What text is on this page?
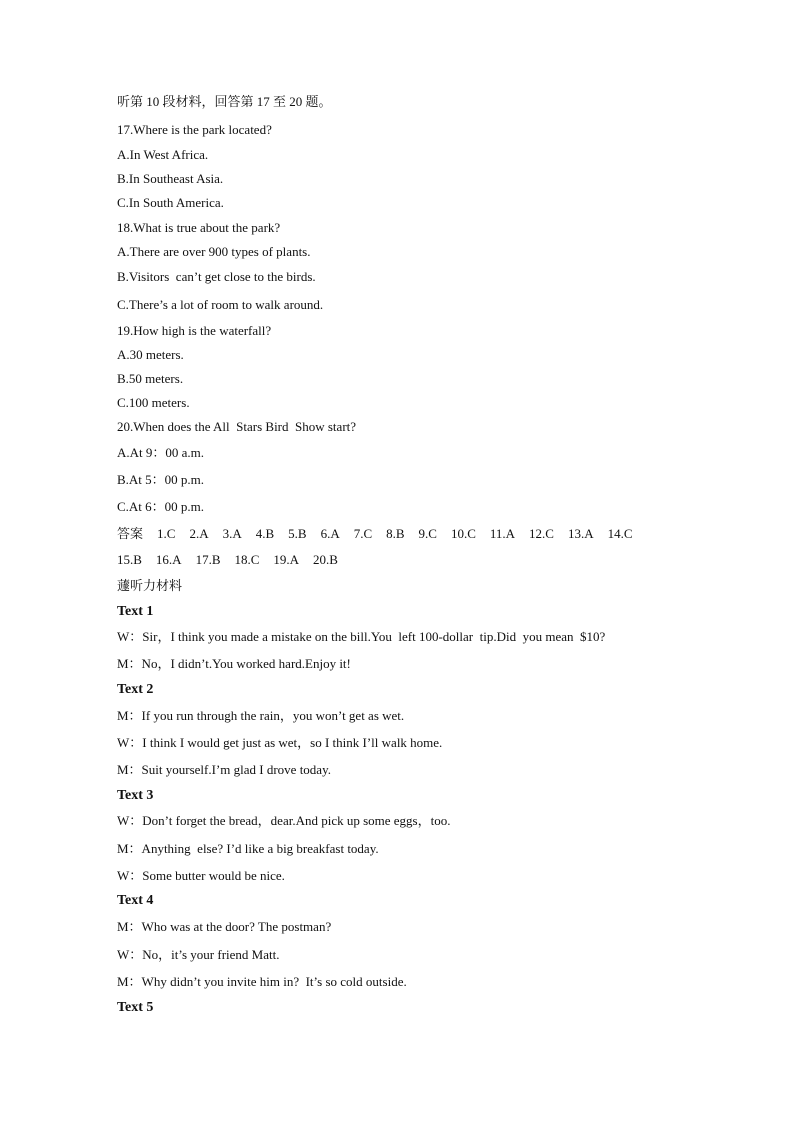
听第 10 段材料，回答第 17 至 20 题。
17.Where is the park located?
A.In West Africa.
B.In Southeast Asia.
C.In South America.
18.What is true about the park?
A.There are over 900 types of plants.
B.Visitors  can’t get close to the birds.
C.There’s a lot of room to walk around.
19.How high is the waterfall?
A.30 meters.
B.50 meters.
C.100 meters.
20.When does the All  Stars Bird  Show start?
A.At 9：00 a.m.
B.At 5：00 p.m.
C.At 6：00 p.m.
答案 1.C 2.A 3.A 4.B 5.B 6.A 7.C 8.B 9.C 10.C 11.A 12.C 13.A 14.C
15.B 16.A 17.B 18.C 19.A 20.B
蘧听力材料
Text 1
W：Sir，I think you made a mistake on the bill.You  left 100-dollar  tip.Did  you mean  $10?
M：No，I didn’t.You worked hard.Enjoy it!
Text 2
M：If you run through the rain，you won’t get as wet.
W：I think I would get just as wet，so I think I’ll walk home.
M：Suit yourself.I’m glad I drove today.
Text 3
W：Don’t forget the bread，dear.And pick up some eggs，too.
M：Anything  else? I’d like a big breakfast today.
W：Some butter would be nice.
Text 4
M：Who was at the door? The postman?
W：No，it’s your friend Matt.
M：Why didn’t you invite him in?  It’s so cold outside.
Text 5
